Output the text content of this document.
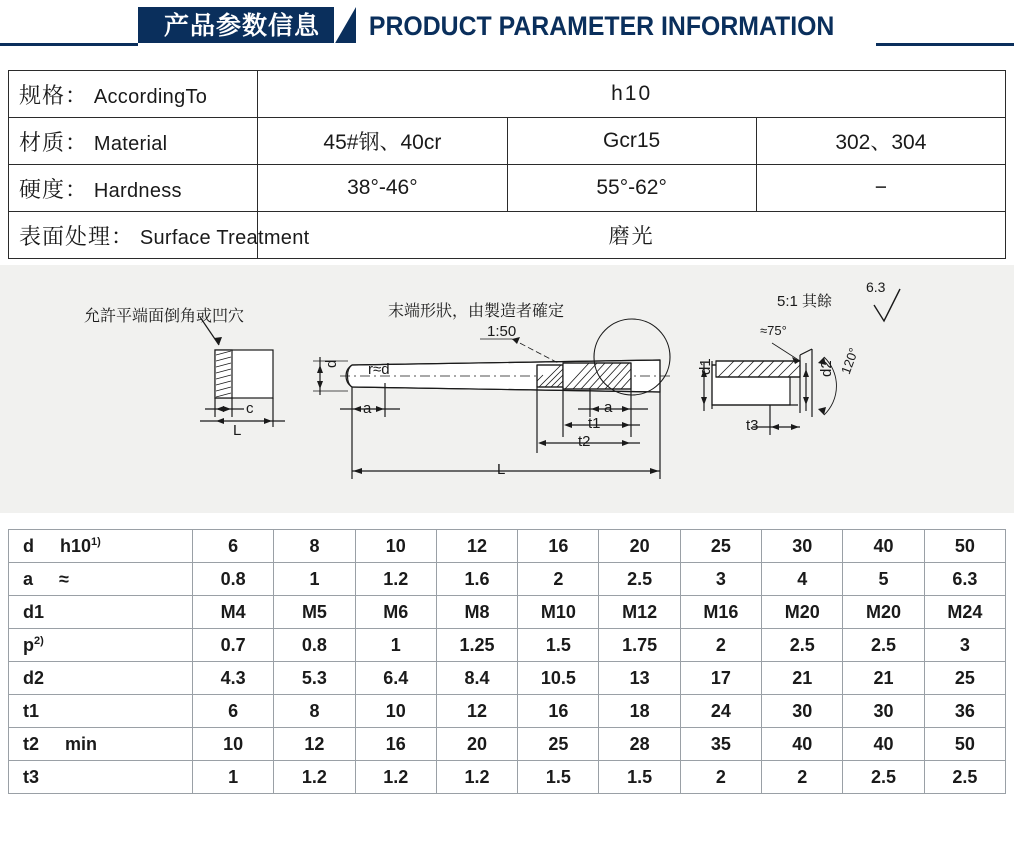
产品参数信息	PRODUCT PARAMETER INFORMATION
规格： AccordingTo	h10		
材质： Material	45#钢、40cr	Gcr15	302、304
硬度： Hardness	38°-46°	55°-62°	−
表面处理： Surface Treatment	磨光		
允許平端面倒角或凹穴	末端形狀，由製造者確定
1:50
5:1 其餘
6.3
r≈d
d
c
L
a	a
t1
t2
L
d1	d2
≈75°
120°
t3
d h10$^{1)}$	6	8	10	12	16	20	25	30	40	50
a ≈	0.8	1	1.2	1.6	2	2.5	3	4	5	6.3
d1	M4	M5	M6	M8	M10	M12	M16	M20	M20	M24
$p^{2)}$	0.7	0.8	1	1.25	1.5	1.75	2	2.5	2.5	3
d2	4.3	5.3	6.4	8.4	10.5	13	17	21	21	25
t1	6	8	10	12	16	18	24	30	30	36
t2 min	10	12	16	20	25	28	35	40	40	50
t3	1	1.2	1.2	1.2	1.5	1.5	2	2	2.5	2.5
